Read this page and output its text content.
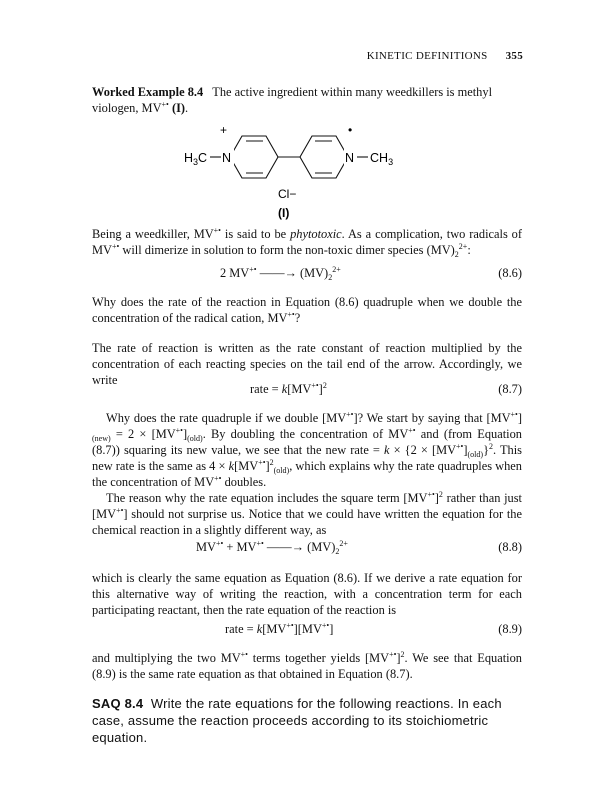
KINETIC DEFINITIONS 355
Worked Example 8.4 The active ingredient within many weedkillers is methyl viologen, MV+• (I).
$H_3C$ N	N $CH_3$
+	•
Cl−
(I)
Being a weedkiller, MV+• is said to be phytotoxic. As a complication, two radicals of MV+• will dimerize in solution to form the non-toxic dimer species $(MV)_2^{2+}$:
2 MV+• ——→ $(MV)_2^{2+}$	(8.6)
Why does the rate of the reaction in Equation (8.6) quadruple when we double the concentration of the radical cation, MV+•?
The rate of reaction is written as the rate constant of reaction multiplied by the concentration of each reacting species on the tail end of the arrow. Accordingly, we write
rate = $k[MV^{+•}]^2$	(8.7)
Why does the rate quadruple if we double [MV+•]? We start by saying that $[MV^{+•}]_{(new)} = 2 \times [MV^{+•}]_{(old)}$. By doubling the concentration of MV+• and (from Equation (8.7)) squaring its new value, we see that the new rate = $k \times \{2 \times [MV^{+•}]_{(old)}\}^2$. This new rate is the same as $4 \times k[MV^{+•}]^2_{(old)}$, which explains why the rate quadruples when the concentration of MV+• doubles.
The reason why the rate equation includes the square term $[MV^{+•}]^2$ rather than just [MV+•] should not surprise us. Notice that we could have written the equation for the chemical reaction in a slightly different way, as
MV+• + MV+• ——→ $(MV)_2^{2+}$	(8.8)
which is clearly the same equation as Equation (8.6). If we derive a rate equation for this alternative way of writing the reaction, with a concentration term for each participating reactant, then the rate equation of the reaction is
rate = k[MV+•][MV+•]	(8.9)
and multiplying the two MV+• terms together yields $[MV^{+•}]^2$. We see that Equation (8.9) is the same rate equation as that obtained in Equation (8.7).
SAQ 8.4 Write the rate equations for the following reactions. In each case, assume the reaction proceeds according to its stoichiometric equation.
